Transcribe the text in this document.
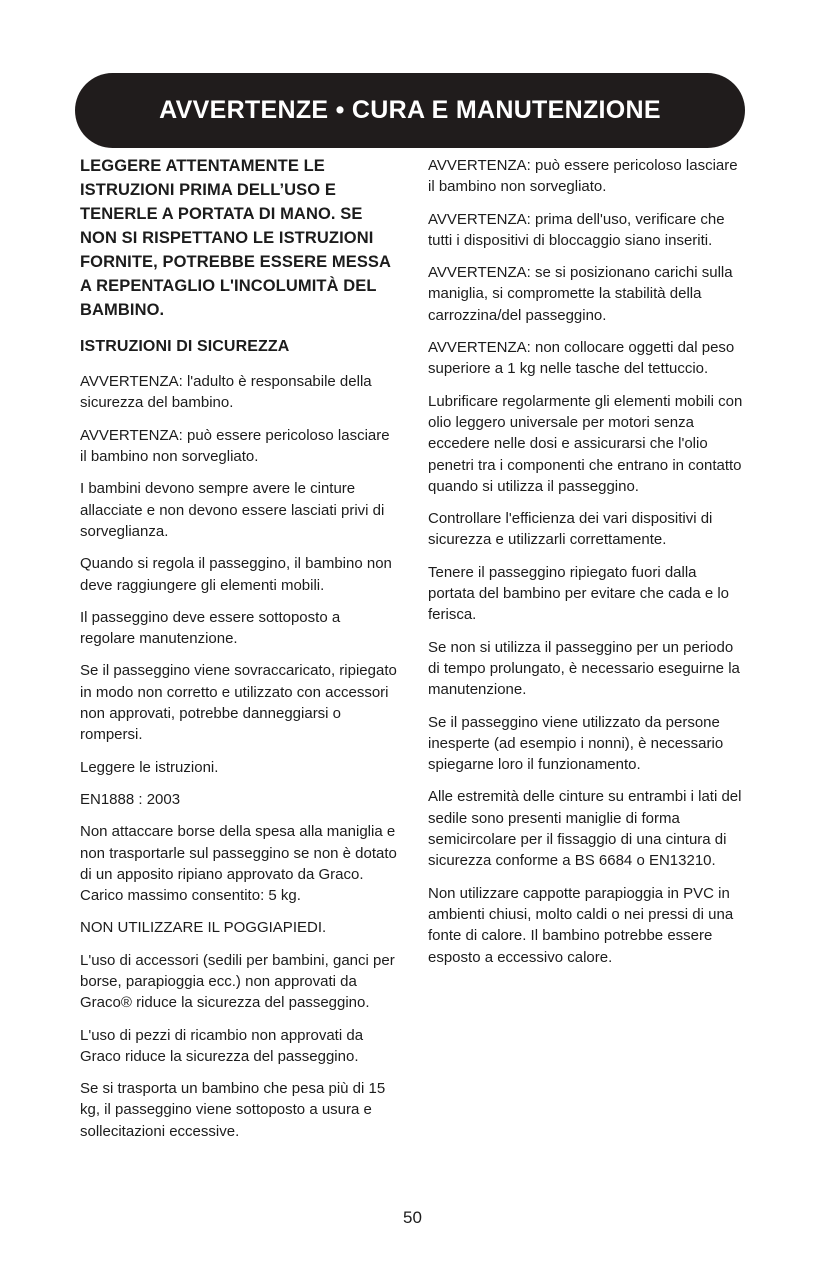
AVVERTENZE • CURA E MANUTENZIONE

LEGGERE ATTENTAMENTE LE ISTRUZIONI PRIMA DELL’USO E TENERLE A PORTATA DI MANO. SE NON SI RISPETTANO LE ISTRUZIONI FORNITE, POTREBBE ESSERE MESSA A REPENTAGLIO L'INCOLUMITÀ DEL BAMBINO.

ISTRUZIONI DI SICUREZZA

AVVERTENZA: l'adulto è responsabile della sicurezza del bambino.

AVVERTENZA: può essere pericoloso lasciare il bambino non sorvegliato.

I bambini devono sempre avere le cinture allacciate e non devono essere lasciati privi di sorveglianza.

Quando si regola il passeggino, il bambino non deve raggiungere gli elementi mobili.

Il passeggino deve essere sottoposto a regolare manutenzione.

Se il passeggino viene sovraccaricato, ripiegato in modo non corretto e utilizzato con accessori non approvati, potrebbe danneggiarsi o rompersi.

Leggere le istruzioni.

EN1888 : 2003

Non attaccare borse della spesa alla maniglia e non trasportarle sul passeggino se non è dotato di un apposito ripiano approvato da Graco. Carico massimo consentito: 5 kg.

NON UTILIZZARE IL POGGIAPIEDI.

L'uso di accessori (sedili per bambini, ganci per borse, parapioggia ecc.) non approvati da Graco® riduce la sicurezza del passeggino.

L'uso di pezzi di ricambio non approvati da Graco riduce la sicurezza del passeggino.

Se si trasporta un bambino che pesa più di 15 kg, il passeggino viene sottoposto a usura e sollecitazioni eccessive.

AVVERTENZA: può essere pericoloso lasciare il bambino non sorvegliato.

AVVERTENZA: prima dell'uso, verificare che tutti i dispositivi di bloccaggio siano inseriti.

AVVERTENZA: se si posizionano carichi sulla maniglia, si compromette la stabilità della carrozzina/del passeggino.

AVVERTENZA: non collocare oggetti dal peso superiore a 1 kg nelle tasche del tettuccio.

Lubrificare regolarmente gli elementi mobili con olio leggero universale per motori senza eccedere nelle dosi e assicurarsi che l'olio penetri tra i componenti che entrano in contatto quando si utilizza il passeggino.

Controllare l'efficienza dei vari dispositivi di sicurezza e utilizzarli correttamente.

Tenere il passeggino ripiegato fuori dalla portata del bambino per evitare che cada e lo ferisca.

Se non si utilizza il passeggino per un periodo di tempo prolungato, è necessario eseguirne la manutenzione.

Se il passeggino viene utilizzato da persone inesperte (ad esempio i nonni), è necessario spiegarne loro il funzionamento.

Alle estremità delle cinture su entrambi i lati del sedile sono presenti maniglie di forma semicircolare per il fissaggio di una cintura di sicurezza conforme a BS 6684 o EN13210.

Non utilizzare cappotte parapioggia in PVC in ambienti chiusi, molto caldi o nei pressi di una fonte di calore. Il bambino potrebbe essere esposto a eccessivo calore.

50
